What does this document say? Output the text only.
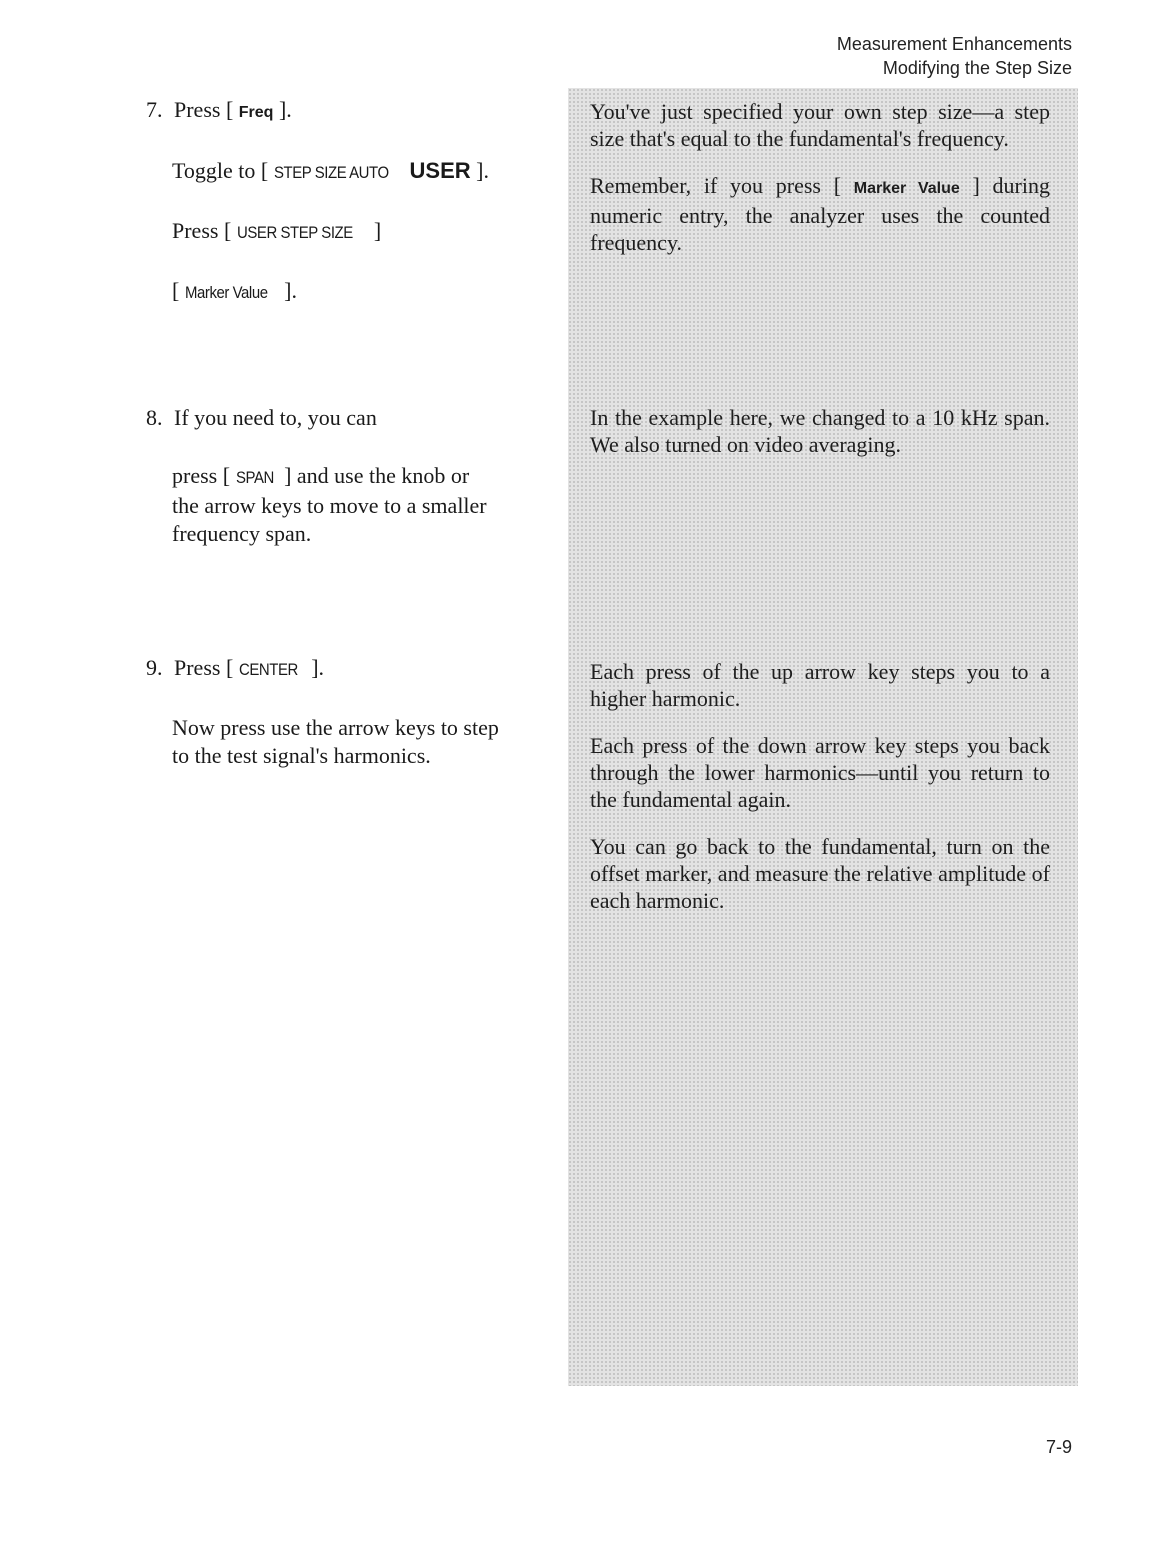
Measurement Enhancements
Modifying the Step Size
7. Press [ Freq ].
Toggle to [ STEP SIZE AUTO USER ].
Press [ USER STEP SIZE ]
[ Marker Value ].

You've just specified your own step size—a step size that's equal to the fundamental's frequency.

Remember, if you press [ Marker Value ] during numeric entry, the analyzer uses the counted frequency.

8. If you need to, you can
press [ SPAN ] and use the knob or the arrow keys to move to a smaller frequency span.

In the example here, we changed to a 10 kHz span. We also turned on video averaging.

9. Press [ CENTER ].
Now press use the arrow keys to step to the test signal's harmonics.

Each press of the up arrow key steps you to a higher harmonic.

Each press of the down arrow key steps you back through the lower harmonics—until you return to the fundamental again.

You can go back to the fundamental, turn on the offset marker, and measure the relative amplitude of each harmonic.

7-9
